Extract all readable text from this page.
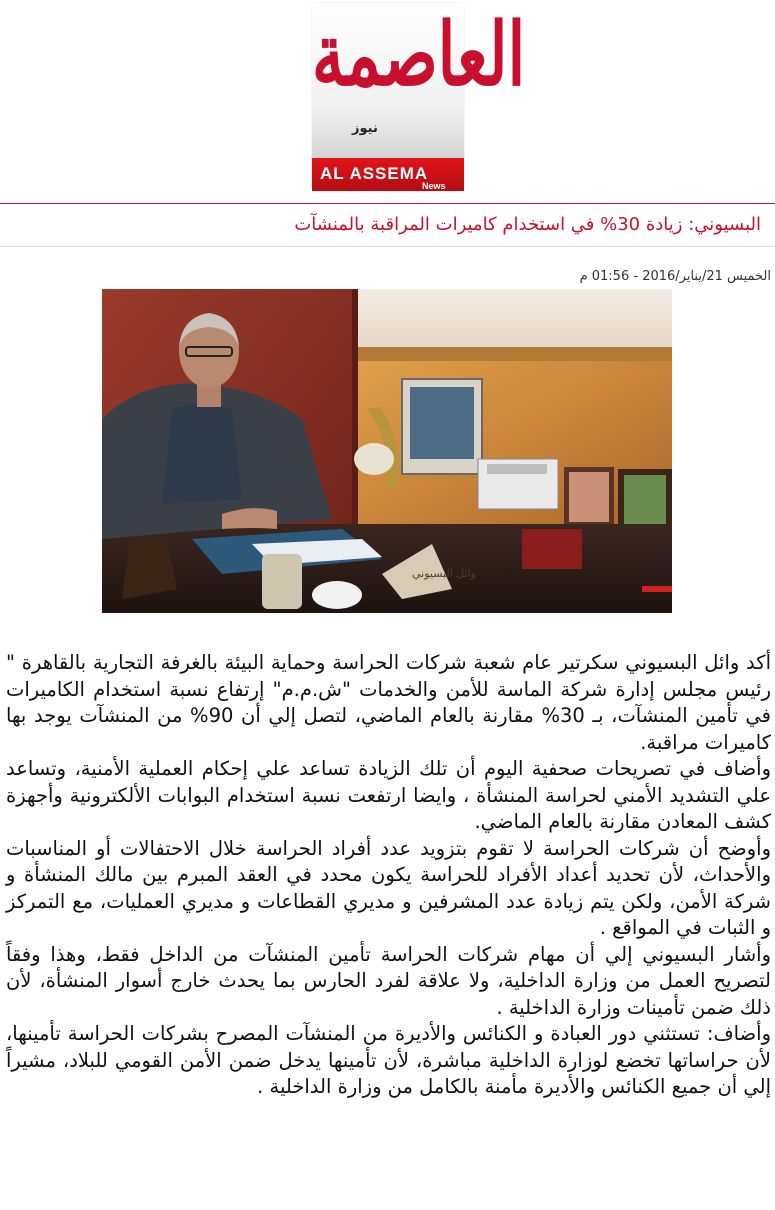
العاصمة
نيوز
AL ASSEMA
News
البسيوني: زيادة 30% في استخدام كاميرات المراقبة بالمنشآت
الخميس 21/يناير/2016 - 01:56 م
وائل البسيوني

أكد وائل البسيوني سكرتير عام شعبة شركات الحراسة وحماية البيئة بالغرفة التجارية بالقاهرة " رئيس مجلس إدارة شركة الماسة للأمن والخدمات "ش.م.م" إرتفاع نسبة استخدام الكاميرات في تأمين المنشآت، بـ 30% مقارنة بالعام الماضي، لتصل إلي أن 90% من المنشآت يوجد بها كاميرات مراقبة.

وأضاف في تصريحات صحفية اليوم أن تلك الزيادة تساعد علي إحكام العملية الأمنية، وتساعد علي التشديد الأمني لحراسة المنشأة ، وايضا ارتفعت نسبة استخدام البوابات الألكترونية وأجهزة كشف المعادن مقارنة بالعام الماضي.

وأوضح أن شركات الحراسة لا تقوم بتزويد عدد أفراد الحراسة خلال الاحتفالات أو المناسبات والأحداث، لأن تحديد أعداد الأفراد للحراسة يكون محدد في العقد المبرم بين مالك المنشأة و شركة الأمن، ولكن يتم زيادة عدد المشرفين و مديري القطاعات و مديري العمليات، مع التمركز و الثبات في المواقع .

وأشار البسيوني إلي أن مهام شركات الحراسة تأمين المنشآت من الداخل فقط، وهذا وفقاً لتصريح العمل من وزارة الداخلية، ولا علاقة لفرد الحارس بما يحدث خارج أسوار المنشأة، لأن ذلك ضمن تأمينات وزارة الداخلية .

وأضاف: تستثني دور العبادة و الكنائس والأديرة من المنشآت المصرح بشركات الحراسة تأمينها، لأن حراساتها تخضع لوزارة الداخلية مباشرة، لأن تأمينها يدخل ضمن الأمن القومي للبلاد، مشيراً إلي أن جميع الكنائس والأديرة مأمنة بالكامل من وزارة الداخلية .
